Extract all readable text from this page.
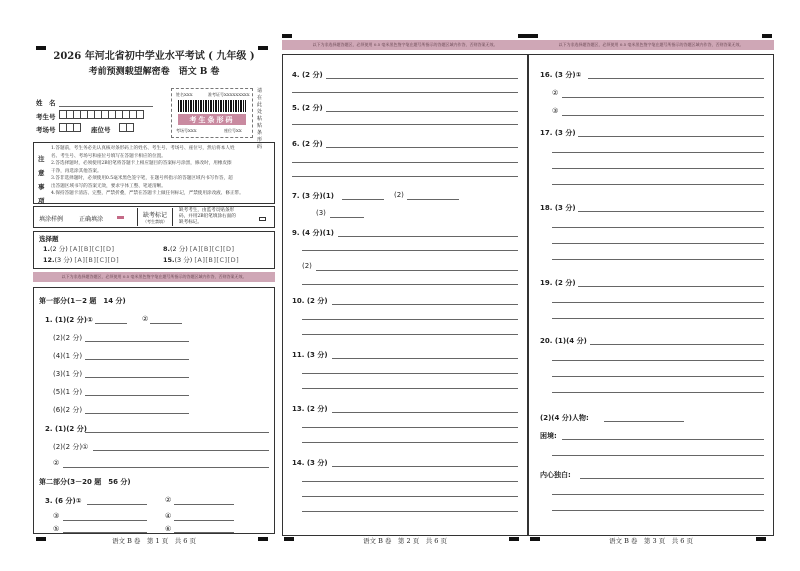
2026 年河北省初中学业水平考试 ( 九年级 )
考前预测载望解密卷　语文 B 卷
姓　名
考生号
考场号	座位号
姓名XXX	准考证号XXXXXXXXX
考生条形码
考场号XXX	座位号XX
请在此处粘贴条形码
注意事项
1.答题前，考生务必先认真核对条形码上的姓名、考生号、考场号、座位号，然后将本人姓
名、考生号、考场号和座位号填写在答题卡相应的位置。
2.答选择题时，必须使用2B铅笔将答题卡上相应题目的答案标号涂黑，修改时，用橡皮擦
干净，再选涂其他答案。
3.答非选择题时，必须使用0.5毫米黑色签字笔，在题号所指示的答题区域内书写作答，超
出答题区域书写的答案无效，要求字体工整、笔迹清晰。
4.保持答题卡清洁、完整，严禁折叠，严禁在答题卡上做任何标记，严禁使用涂改液、修正带。
填涂样例	正确填涂
缺考标记
（考生禁填）
缺考考生，由监考员贴条形
码，并用2B铅笔填涂右面的
缺考标记。
选择题
1.(2 分) [A][B][C][D]	8.(2 分) [A][B][C][D]
12.(3 分) [A][B][C][D]	15.(3 分) [A][B][C][D]
以下为非选择题答题区，必须使用 0.5 毫米黑色签字笔在题号所指示的答题区域内作答，否则答案无效。
第一部分(1－2 题　14 分)
1. (1)(2 分)①	②
(2)(2 分)
(4)(1 分)
(3)(1 分)
(5)(1 分)
(6)(2 分)
2. (1)(2 分)
(2)(2 分)①
②
第二部分(3－20 题　56 分)
3. (6 分)①	②
③	④
⑤	⑥
语文 B 卷　第 1 页　共 6 页
以下为非选择题答题区，必须使用 0.5 毫米黑色签字笔在题号所指示的答题区域内作答，否则答案无效。
4. (2 分)
5. (2 分)
6. (2 分)
7. (3 分)(1)	(2)
(3)
9. (4 分)(1)
(2)
10. (2 分)
11. (3 分)
13. (2 分)
14. (3 分)
语文 B 卷　第 2 页　共 6 页
以下为非选择题答题区，必须使用 0.5 毫米黑色签字笔在题号所指示的答题区域内作答，否则答案无效。
16. (3 分)①
②
③
17. (3 分)
18. (3 分)
19. (2 分)
20. (1)(4 分)
(2)(4 分)人物:
困境:
内心独白:
语文 B 卷　第 3 页　共 6 页
